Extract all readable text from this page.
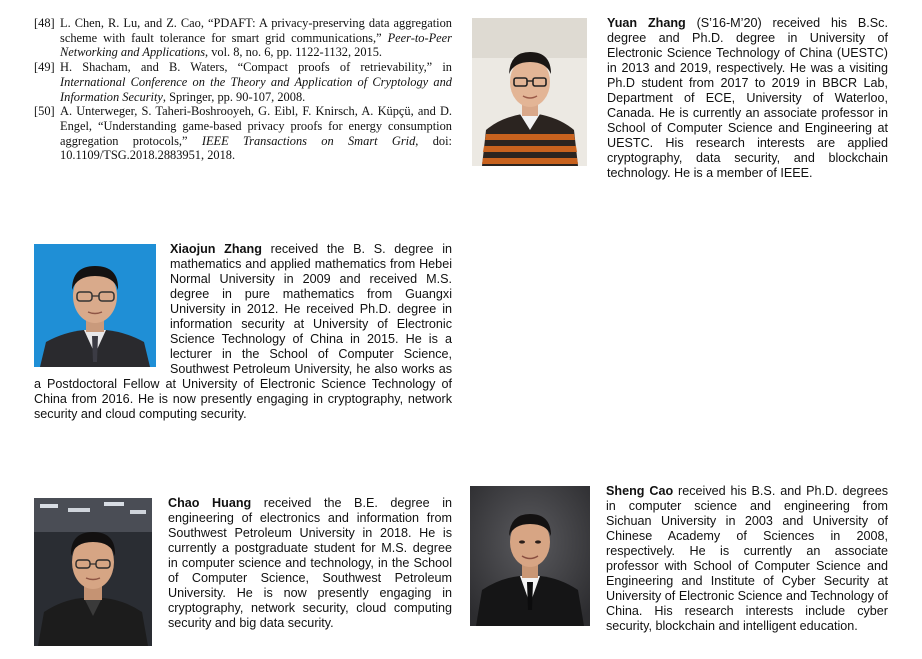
[48] L. Chen, R. Lu, and Z. Cao, “PDAFT: A privacy-preserving data aggregation scheme with fault tolerance for smart grid communications,” Peer-to-Peer Networking and Applications, vol. 8, no. 6, pp. 1122-1132, 2015.
[49] H. Shacham, and B. Waters, “Compact proofs of retrievability,” in International Conference on the Theory and Application of Cryptology and Information Security, Springer, pp. 90-107, 2008.
[50] A. Unterweger, S. Taheri-Boshrooyeh, G. Eibl, F. Knirsch, A. Küpçü, and D. Engel, “Understanding game-based privacy proofs for energy consumption aggregation protocols,” IEEE Transactions on Smart Grid, doi: 10.1109/TSG.2018.2883951, 2018.
Yuan Zhang (S’16-M’20) received his B.Sc. degree and Ph.D. degree in University of Electronic Science Technology of China (UESTC) in 2013 and 2019, respectively. He was a visiting Ph.D student from 2017 to 2019 in BBCR Lab, Department of ECE, University of Waterloo, Canada. He is currently an associate professor in School of Computer Science and Engineering at UESTC. His research interests are applied cryptography, data security, and blockchain technology. He is a member of IEEE.
Xiaojun Zhang received the B. S. degree in mathematics and applied mathematics from Hebei Normal University in 2009 and received M.S. degree in pure mathematics from Guangxi University in 2012. He received Ph.D. degree in information security at University of Electronic Science Technology of China in 2015. He is a lecturer in the School of Computer Science, Southwest Petroleum University, he also works as a Postdoctoral Fellow at University of Electronic Science Technology of China from 2016. He is now presently engaging in cryptography, network security and cloud computing security.
Chao Huang received the B.E. degree in engineering of electronics and information from Southwest Petroleum University in 2018. He is currently a postgraduate student for M.S. degree in computer science and technology, in the School of Computer Science, Southwest Petroleum University. He is now presently engaging in cryptography, network security, cloud computing security and big data security.
Sheng Cao received his B.S. and Ph.D. degrees in computer science and engineering from Sichuan University in 2003 and University of Chinese Academy of Sciences in 2008, respectively. He is currently an associate professor with School of Computer Science and Engineering and Institute of Cyber Security at University of Electronic Science and Technology of China. His research interests include cyber security, blockchain and intelligent education.
